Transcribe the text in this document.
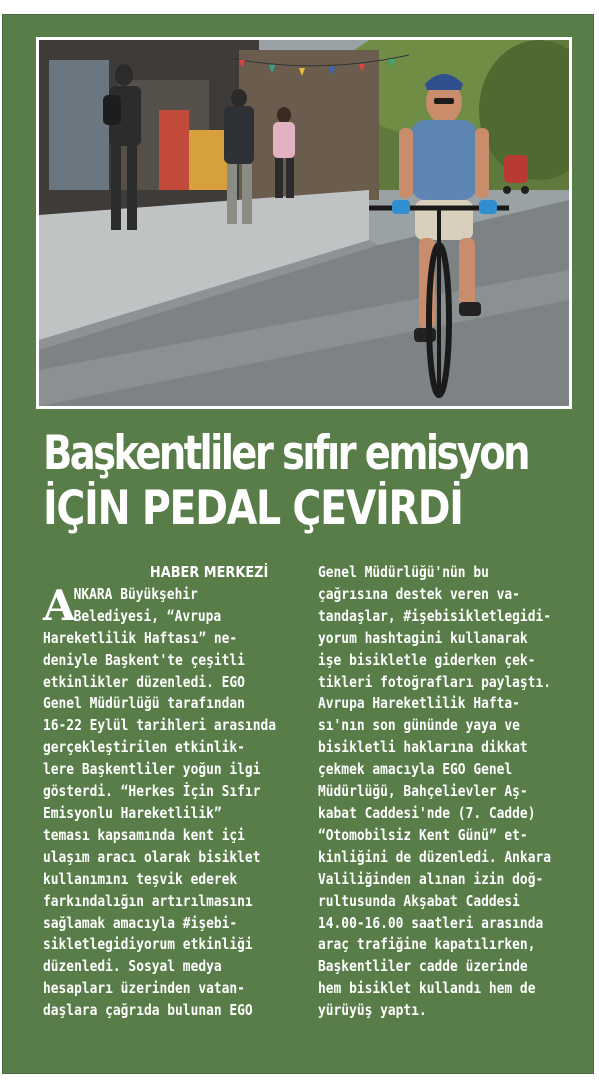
Başkentliler sıfır emisyon
İÇİN PEDAL ÇEVİRDİ

HABER MERKEZİ

A

NKARA Büyükşehir

Belediyesi, “Avrupa

Hareketlilik Haftası” ne-

deniyle Başkent'te çeşitli

etkinlikler düzenledi. EGO

Genel Müdürlüğü tarafından

16-22 Eylül tarihleri arasında

gerçekleştirilen etkinlik-

lere Başkentliler yoğun ilgi

gösterdi. “Herkes İçin Sıfır

Emisyonlu Hareketlilik”

teması kapsamında kent içi

ulaşım aracı olarak bisiklet

kullanımını teşvik ederek

farkındalığın artırılmasını

sağlamak amacıyla #işebi-

sikletlegidiyorum etkinliği

düzenledi. Sosyal medya

hesapları üzerinden vatan-

daşlara çağrıda bulunan EGO

Genel Müdürlüğü'nün bu

çağrısına destek veren va-

tandaşlar, #işebisikletlegidi-

yorum hashtagini kullanarak

işe bisikletle giderken çek-

tikleri fotoğrafları paylaştı.

Avrupa Hareketlilik Hafta-

sı'nın son gününde yaya ve

bisikletli haklarına dikkat

çekmek amacıyla EGO Genel

Müdürlüğü, Bahçelievler Aş-

kabat Caddesi'nde (7. Cadde)

“Otomobilsiz Kent Günü” et-

kinliğini de düzenledi. Ankara

Valiliğinden alınan izin doğ-

rultusunda Akşabat Caddesi

14.00-16.00 saatleri arasında

araç trafiğine kapatılırken,

Başkentliler cadde üzerinde

hem bisiklet kullandı hem de

yürüyüş yaptı.
